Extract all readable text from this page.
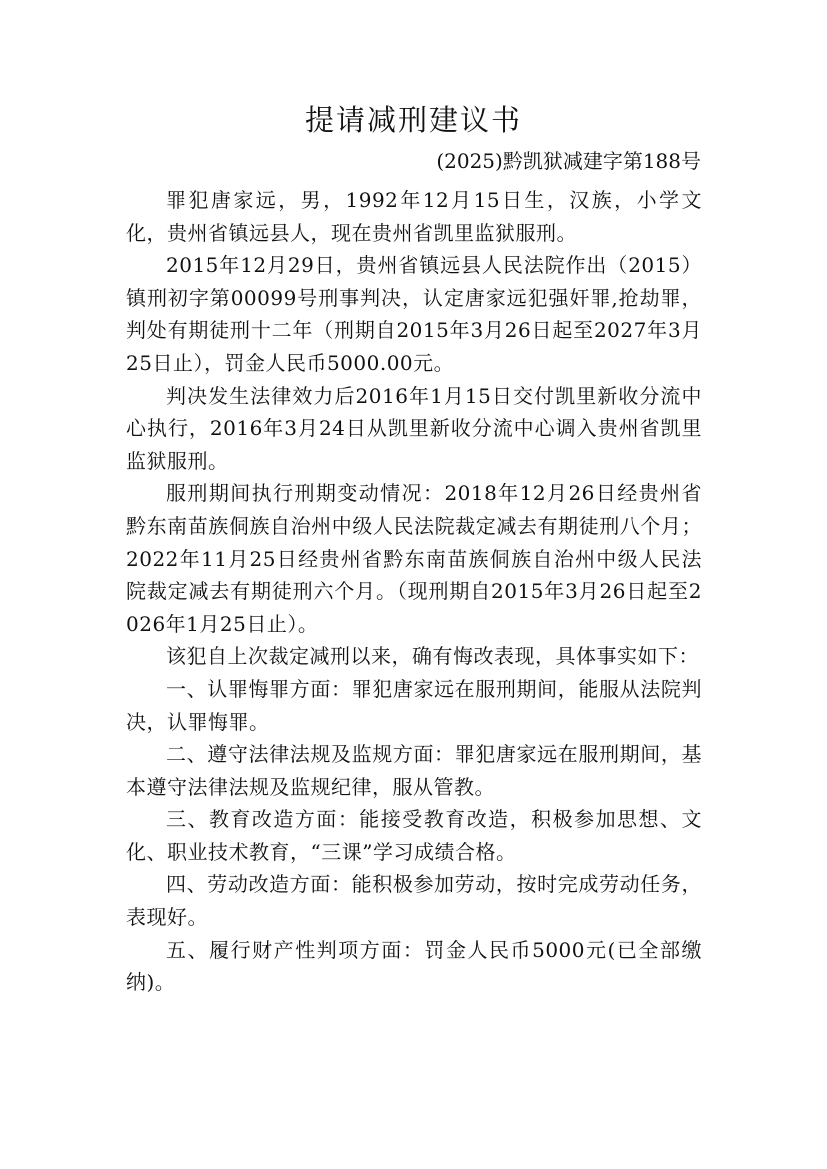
提请减刑建议书
(2025)黔凯狱减建字第188号

罪犯唐家远，男，1992年12月15日生，汉族，小学文化，贵州省镇远县人，现在贵州省凯里监狱服刑。

2015年12月29日，贵州省镇远县人民法院作出（2015）镇刑初字第00099号刑事判决，认定唐家远犯强奸罪,抢劫罪，判处有期徒刑十二年（刑期自2015年3月26日起至2027年3月25日止），罚金人民币5000.00元。

判决发生法律效力后2016年1月15日交付凯里新收分流中心执行，2016年3月24日从凯里新收分流中心调入贵州省凯里监狱服刑。

服刑期间执行刑期变动情况：2018年12月26日经贵州省黔东南苗族侗族自治州中级人民法院裁定减去有期徒刑八个月；2022年11月25日经贵州省黔东南苗族侗族自治州中级人民法院裁定减去有期徒刑六个月。（现刑期自2015年3月26日起至2026年1月25日止）。

该犯自上次裁定减刑以来，确有悔改表现，具体事实如下：

一、认罪悔罪方面：罪犯唐家远在服刑期间，能服从法院判决，认罪悔罪。

二、遵守法律法规及监规方面：罪犯唐家远在服刑期间，基本遵守法律法规及监规纪律，服从管教。

三、教育改造方面：能接受教育改造，积极参加思想、文化、职业技术教育，“三课”学习成绩合格。

四、劳动改造方面：能积极参加劳动，按时完成劳动任务，表现好。

五、履行财产性判项方面：罚金人民币5000元(已全部缴纳)。
